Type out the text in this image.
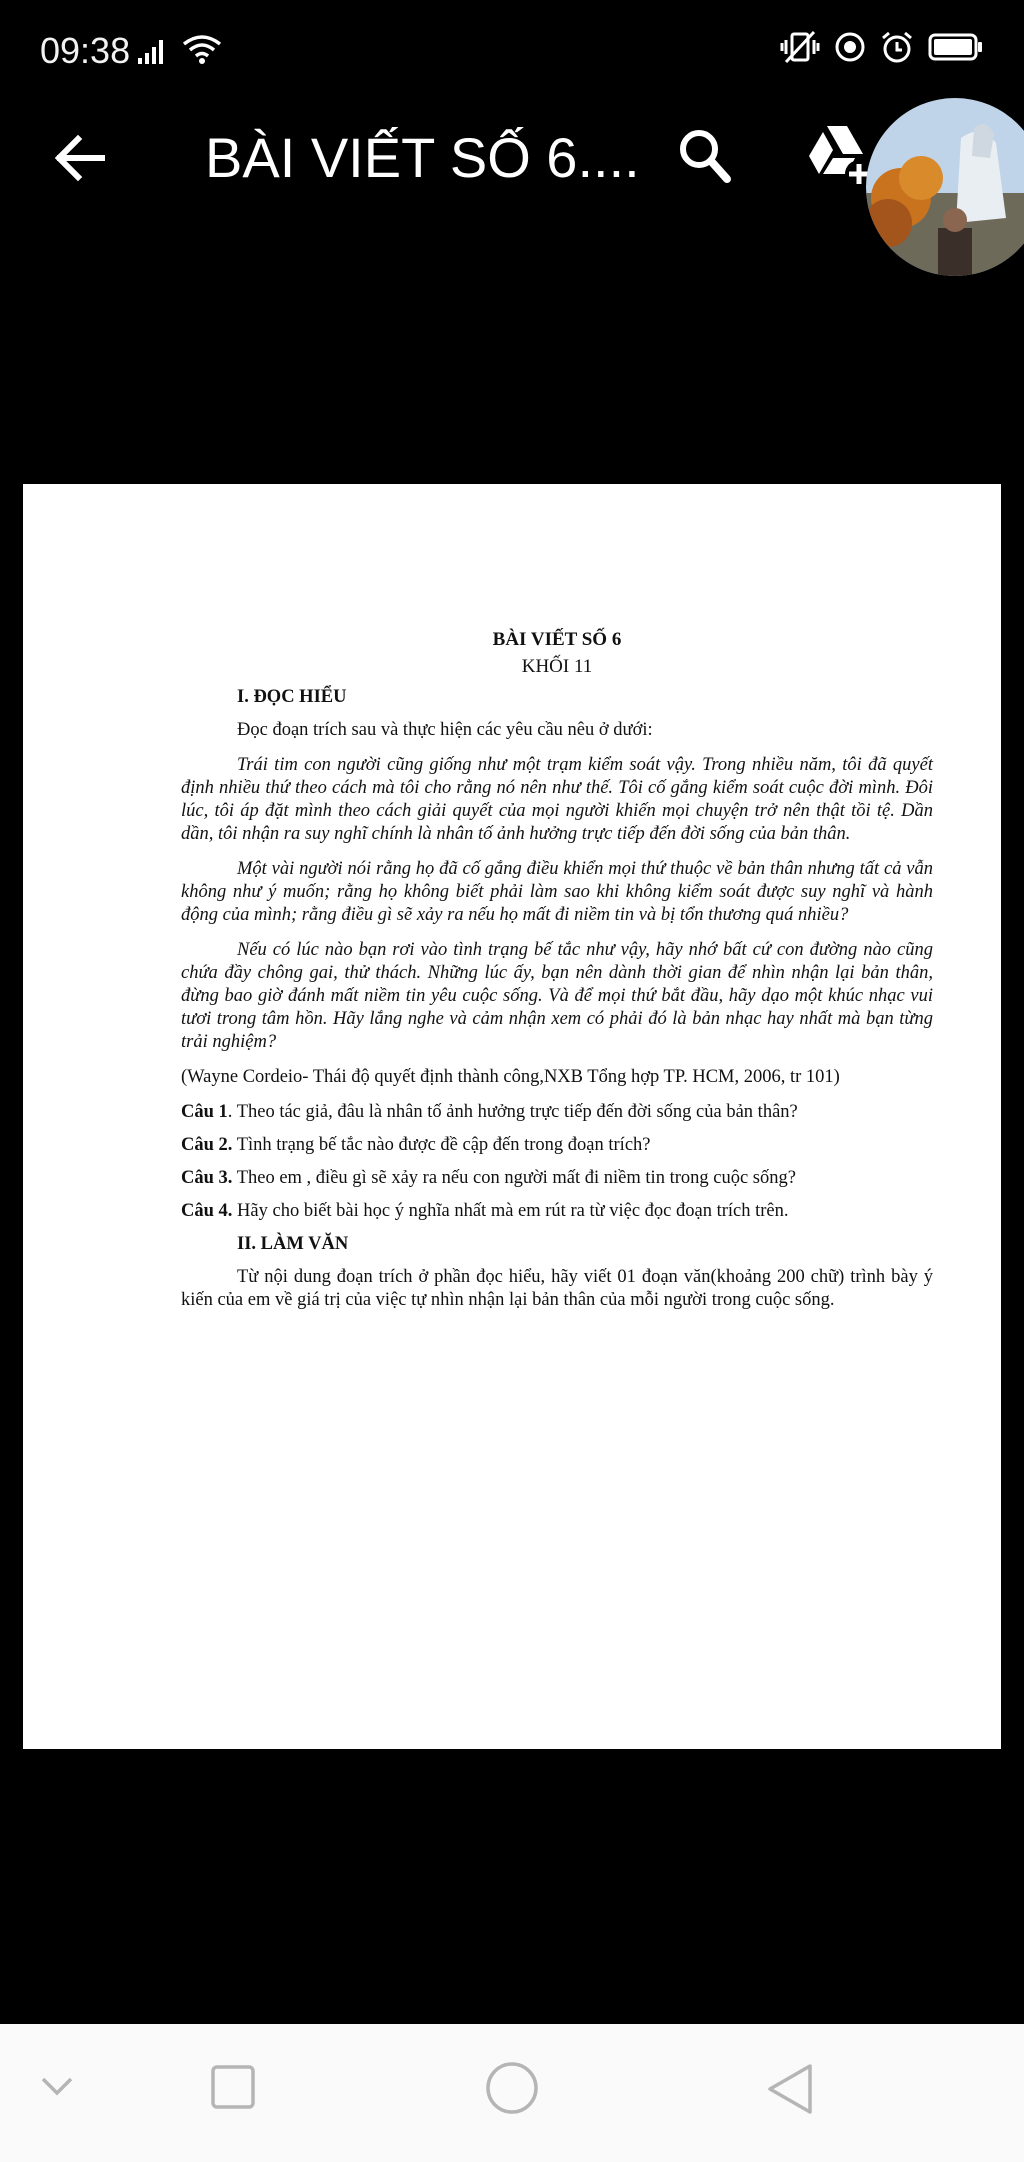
09:38
BÀI VIẾT SỐ 6....
BÀI VIẾT SỐ 6
KHỐI 11
I. ĐỌC HIỂU

Đọc đoạn trích sau và thực hiện các yêu cầu nêu ở dưới:

Trái tim con người cũng giống như một trạm kiểm soát vậy. Trong nhiều năm, tôi đã quyết định nhiều thứ theo cách mà tôi cho rằng nó nên như thế. Tôi cố gắng kiểm soát cuộc đời mình. Đôi lúc, tôi áp đặt mình theo cách giải quyết của mọi người khiến mọi chuyện trở nên thật tồi tệ. Dần dần, tôi nhận ra suy nghĩ chính là nhân tố ảnh hưởng trực tiếp đến đời sống của bản thân.

Một vài người nói rằng họ đã cố gắng điều khiển mọi thứ thuộc về bản thân nhưng tất cả vẫn không như ý muốn; rằng họ không biết phải làm sao khi không kiểm soát được suy nghĩ và hành động của mình; rằng điều gì sẽ xảy ra nếu họ mất đi niềm tin và bị tổn thương quá nhiều?

Nếu có lúc nào bạn rơi vào tình trạng bế tắc như vậy, hãy nhớ bất cứ con đường nào cũng chứa đầy chông gai, thử thách. Những lúc ấy, bạn nên dành thời gian để nhìn nhận lại bản thân, đừng bao giờ đánh mất niềm tin yêu cuộc sống. Và để mọi thứ bắt đầu, hãy dạo một khúc nhạc vui tươi trong tâm hồn. Hãy lắng nghe và cảm nhận xem có phải đó là bản nhạc hay nhất mà bạn từng trải nghiệm?

(Wayne Cordeio- Thái độ quyết định thành công,NXB Tổng hợp TP. HCM, 2006, tr 101)

Câu 1. Theo tác giả, đâu là nhân tố ảnh hưởng trực tiếp đến đời sống của bản thân?
Câu 2. Tình trạng bế tắc nào được đề cập đến trong đoạn trích?
Câu 3. Theo em , điều gì sẽ xảy ra nếu con người mất đi niềm tin trong cuộc sống?
Câu 4. Hãy cho biết bài học ý nghĩa nhất mà em rút ra từ việc đọc đoạn trích trên.
II. LÀM VĂN

Từ nội dung đoạn trích ở phần đọc hiểu, hãy viết 01 đoạn văn(khoảng 200 chữ) trình bày ý kiến của em về giá trị của việc tự nhìn nhận lại bản thân của mỗi người trong cuộc sống.
